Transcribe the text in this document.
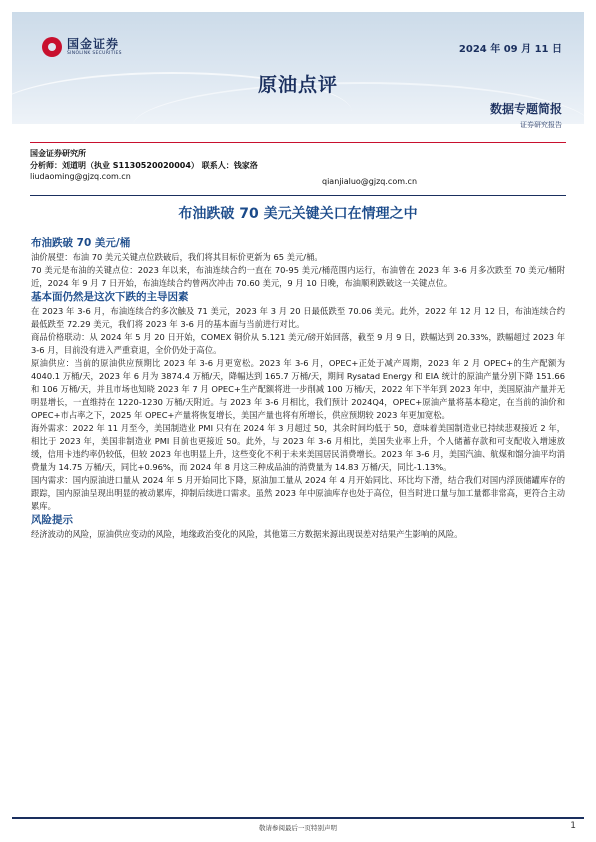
国金证券
SINOLINK SECURITIES	2024 年 09 月 11 日
原油点评
数据专题简报
证券研究报告
国金证券研究所
分析师：刘道明（执业 S1130520020004） 联系人：钱家洛
liudaoming@gjzq.com.cn
qianjialuo@gjzq.com.cn
布油跌破 70 美元关键关口在情理之中
布油跌破 70 美元/桶

油价展望：布油 70 美元关键点位跌破后，我们将其目标价更新为 65 美元/桶。

70 美元是布油的关键点位：2023 年以来，布油连续合约一直在 70-95 美元/桶范围内运行，布油曾在 2023 年 3-6 月多次跌至 70 美元/桶附近，2024 年 9 月 7 日开始，布油连续合约曾两次冲击 70.60 美元，9 月 10 日晚，布油顺利跌破这一关键点位。

基本面仍然是这次下跌的主导因素

在 2023 年 3-6 月，布油连续合约多次触及 71 美元，2023 年 3 月 20 日最低跌至 70.06 美元。此外，2022 年 12 月 12 日，布油连续合约最低跌至 72.29 美元，我们将 2023 年 3-6 月的基本面与当前进行对比。

商品价格联动：从 2024 年 5 月 20 日开始，COMEX 铜价从 5.121 美元/磅开始回落，截至 9 月 9 日，跌幅达到 20.33%，跌幅超过 2023 年 3-6 月，目前没有进入严重衰退，全价仍处于高位。

原油供应：当前的原油供应预期比 2023 年 3-6 月更宽松。2023 年 3-6 月，OPEC+正处于减产周期，2023 年 2 月 OPEC+的生产配额为 4040.1 万桶/天，2023 年 6 月为 3874.4 万桶/天，降幅达到 165.7 万桶/天，期间 Rysatad Energy 和 EIA 统计的原油产量分别下降 151.66 和 106 万桶/天，并且市场也知晓 2023 年 7 月 OPEC+生产配额将进一步削减 100 万桶/天，2022 年下半年到 2023 年中，美国原油产量并无明显增长，一直维持在 1220-1230 万桶/天附近。与 2023 年 3-6 月相比，我们预计 2024Q4，OPEC+原油产量将基本稳定，在当前的油价和 OPEC+市占率之下，2025 年 OPEC+产量将恢复增长，美国产量也将有所增长，供应预期较 2023 年更加宽松。

海外需求：2022 年 11 月至今，美国制造业 PMI 只有在 2024 年 3 月超过 50，其余时间均低于 50，意味着美国制造业已持续悲观接近 2 年，相比于 2023 年，美国非制造业 PMI 目前也更接近 50。此外，与 2023 年 3-6 月相比，美国失业率上升，个人储蓄存款和可支配收入增速放缓，信用卡违约率仍较低，但较 2023 年也明显上升，这些变化不利于未来美国居民消费增长。2023 年 3-6 月，美国汽油、航煤和馏分油平均消费量为 14.75 万桶/天，同比+0.96%，而 2024 年 8 月这三种成品油的消费量为 14.83 万桶/天，同比-1.13%。

国内需求：国内原油进口量从 2024 年 5 月开始同比下降，原油加工量从 2024 年 4 月开始同比、环比均下滑，结合我们对国内浮顶储罐库存的跟踪，国内原油呈现出明显的被动累库，抑制后续进口需求。虽然 2023 年中原油库存也处于高位，但当时进口量与加工量都非常高，更符合主动累库。

风险提示

经济波动的风险，原油供应变动的风险，地缘政治变化的风险，其他第三方数据来源出现误差对结果产生影响的风险。

敬请参阅最后一页特别声明	1
